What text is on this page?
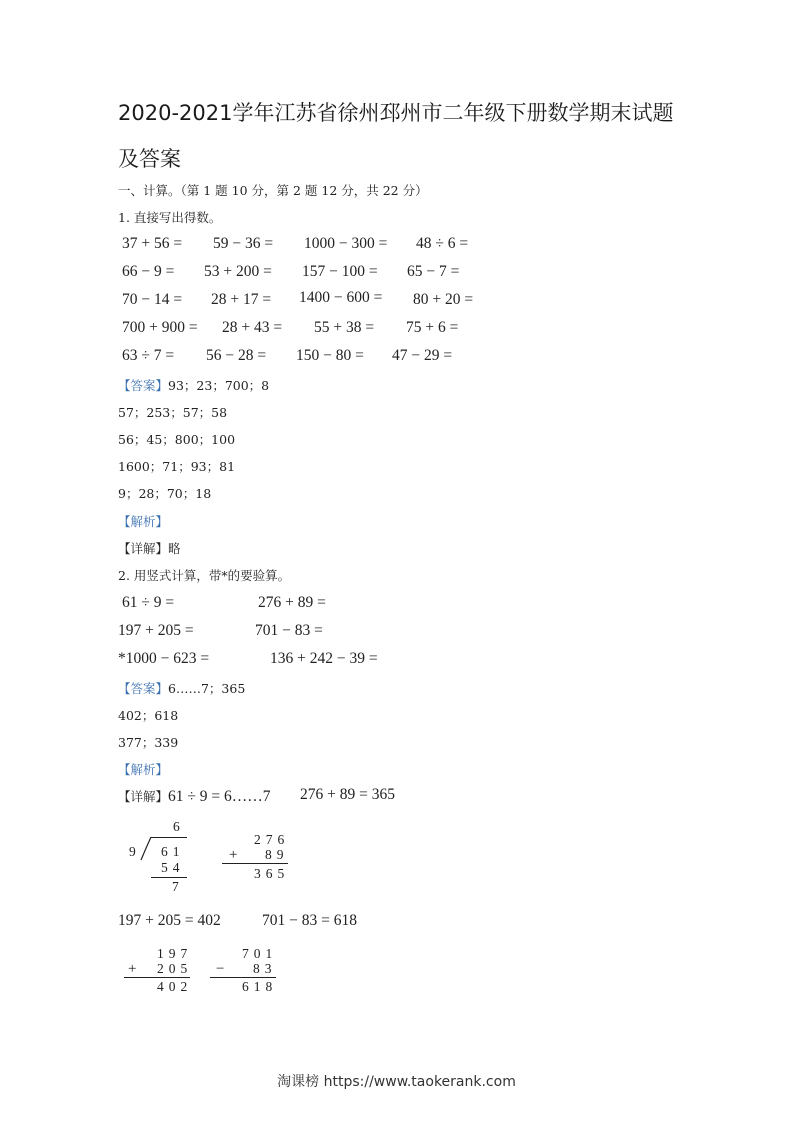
2020-2021学年江苏省徐州邳州市二年级下册数学期末试题
及答案
一、计算。（第 1 题 10 分，第 2 题 12 分，共 22 分）
1. 直接写出得数。
37 + 56 = 59 − 36 = 1000 − 300 = 48 ÷ 6 =
66 − 9 = 53 + 200 = 157 − 100 = 65 − 7 =
70 − 14 = 28 + 17 = 1400 − 600 = 80 + 20 =
700 + 900 = 28 + 43 = 55 + 38 = 75 + 6 =
63 ÷ 7 = 56 − 28 = 150 − 80 = 47 − 29 =
【答案】93；23；700；8
57；253；57；58
56；45；800；100
1600；71；93；81
9；28；70；18
【解析】
【详解】略
2. 用竖式计算，带*的要验算。
61 ÷ 9 =	276 + 89 =
197 + 205 =	701 − 83 =
*1000 − 623 =	136 + 242 − 39 =
【答案】6……7；365
402；618
377；339
【解析】
【详解】61 ÷ 9 = 6……7 276 + 89 = 365
6
9 61
54
7
276
+ 89
365
197 + 205 = 402	701 − 83 = 618
197
+ 205
402
701
− 83
618
淘课榜 https://www.taokerank.com
